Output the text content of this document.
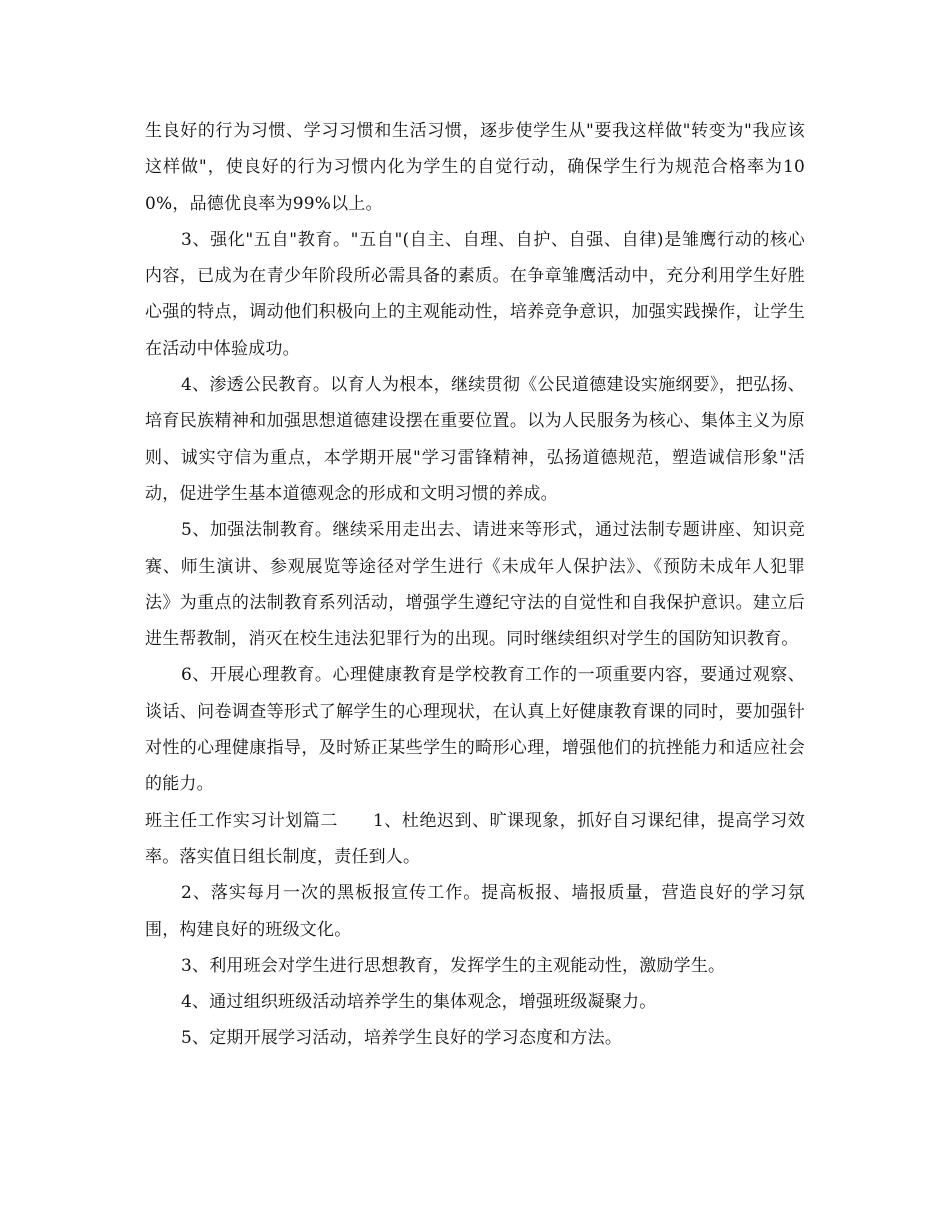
生良好的行为习惯、学习习惯和生活习惯，逐步使学生从"要我这样做"转变为"我应该这样做"，使良好的行为习惯内化为学生的自觉行动，确保学生行为规范合格率为100%，品德优良率为99%以上。

3、强化"五自"教育。"五自"(自主、自理、自护、自强、自律)是雏鹰行动的核心内容，已成为在青少年阶段所必需具备的素质。在争章雏鹰活动中，充分利用学生好胜心强的特点，调动他们积极向上的主观能动性，培养竞争意识，加强实践操作，让学生在活动中体验成功。

4、渗透公民教育。以育人为根本，继续贯彻《公民道德建设实施纲要》，把弘扬、培育民族精神和加强思想道德建设摆在重要位置。以为人民服务为核心、集体主义为原则、诚实守信为重点，本学期开展"学习雷锋精神，弘扬道德规范，塑造诚信形象"活动，促进学生基本道德观念的形成和文明习惯的养成。

5、加强法制教育。继续采用走出去、请进来等形式，通过法制专题讲座、知识竞赛、师生演讲、参观展览等途径对学生进行《未成年人保护法》、《预防未成年人犯罪法》为重点的法制教育系列活动，增强学生遵纪守法的自觉性和自我保护意识。建立后进生帮教制，消灭在校生违法犯罪行为的出现。同时继续组织对学生的国防知识教育。

6、开展心理教育。心理健康教育是学校教育工作的一项重要内容，要通过观察、谈话、问卷调查等形式了解学生的心理现状，在认真上好健康教育课的同时，要加强针对性的心理健康指导，及时矫正某些学生的畸形心理，增强他们的抗挫能力和适应社会的能力。

班主任工作实习计划篇二　　1、杜绝迟到、旷课现象，抓好自习课纪律，提高学习效率。落实值日组长制度，责任到人。

2、落实每月一次的黑板报宣传工作。提高板报、墙报质量，营造良好的学习氛围，构建良好的班级文化。

3、利用班会对学生进行思想教育，发挥学生的主观能动性，激励学生。

4、通过组织班级活动培养学生的集体观念，增强班级凝聚力。

5、定期开展学习活动，培养学生良好的学习态度和方法。
